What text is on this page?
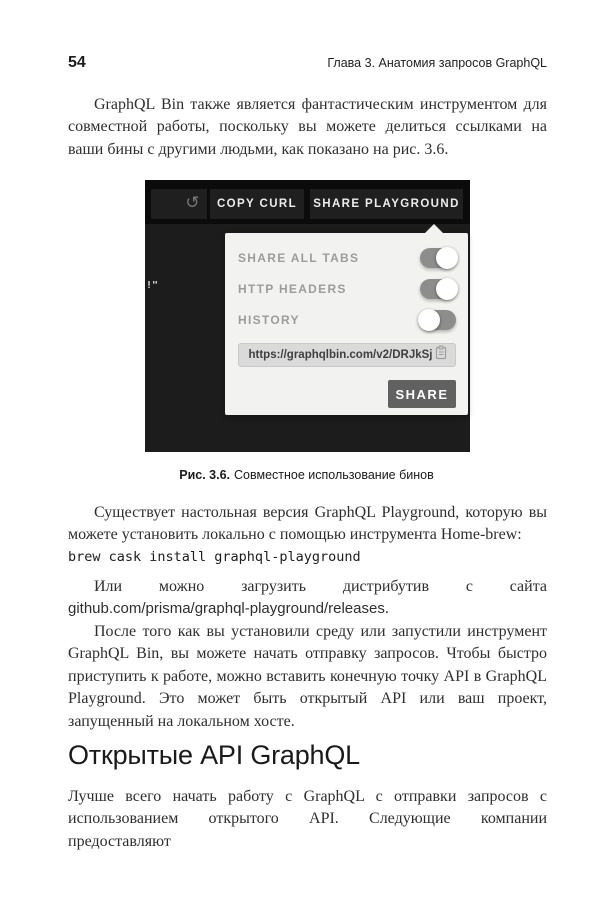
54	Глава 3. Анатомия запросов GraphQL

GraphQL Bin также является фантастическим инструментом для совместной работы, поскольку вы можете делиться ссылками на ваши бины с другими людьми, как показано на рис. 3.6.

↺	COPY CURL	SHARE PLAYGROUND
!"
SHARE ALL TABS
HTTP HEADERS
HISTORY
https://graphqlbin.com/v2/DRJkSj
SHARE
Рис. 3.6. Совместное использование бинов

Существует настольная версия GraphQL Playground, которую вы можете установить локально с помощью инструмента Home-brew:

brew cask install graphql-playground

Или можно загрузить дистрибутив с сайта github.com/prisma/graphql-playground/releases.

После того как вы установили среду или запустили инструмент GraphQL Bin, вы можете начать отправку запросов. Чтобы быстро приступить к работе, можно вставить конечную точку API в GraphQL Playground. Это может быть открытый API или ваш проект, запущенный на локальном хосте.

Открытые API GraphQL

Лучше всего начать работу с GraphQL с отправки запросов с использованием открытого API. Следующие компании предоставляют
